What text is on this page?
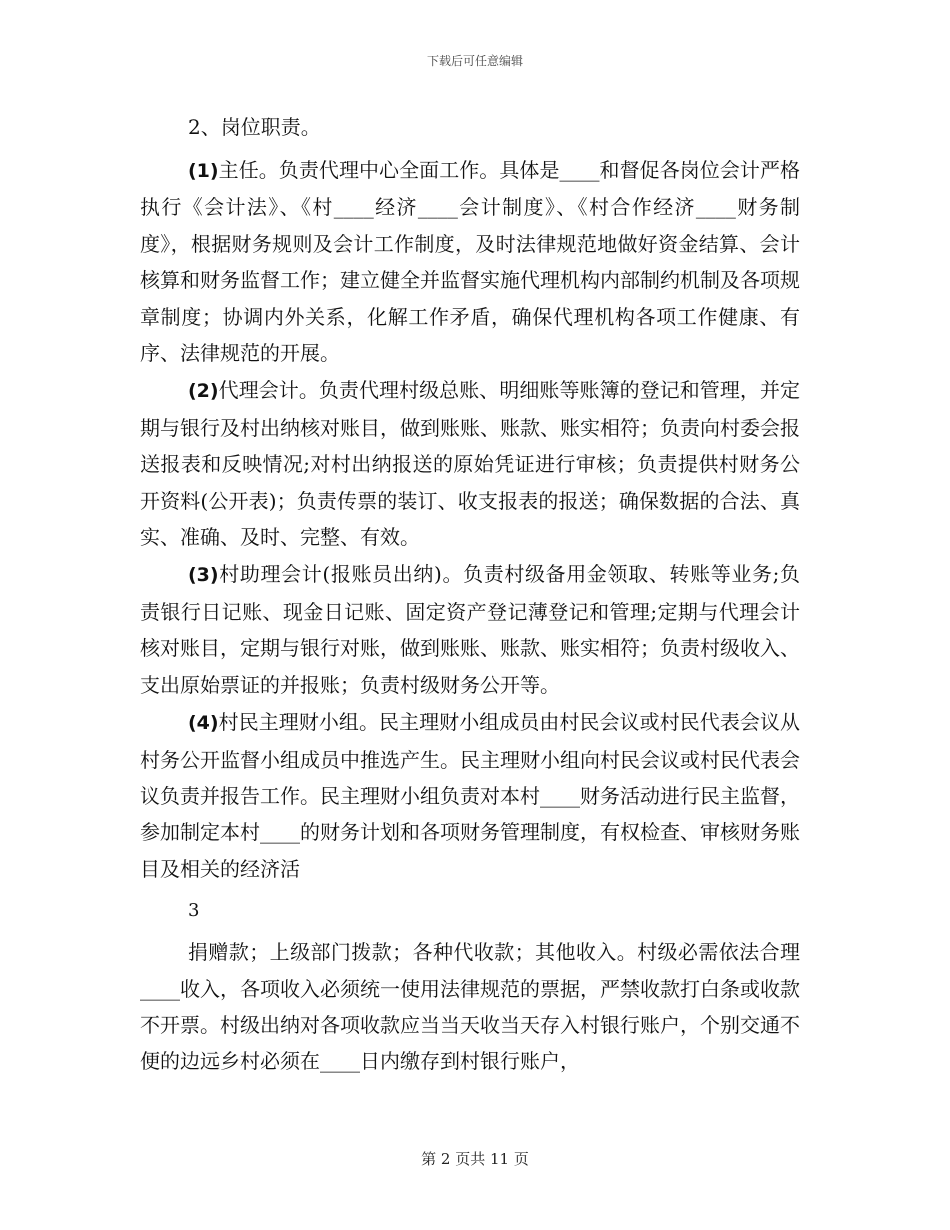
下载后可任意编辑
2、岗位职责。

(1)主任。负责代理中心全面工作。具体是____和督促各岗位会计严格执行《会计法》、《村____经济____会计制度》、《村合作经济____财务制度》，根据财务规则及会计工作制度，及时法律规范地做好资金结算、会计核算和财务监督工作；建立健全并监督实施代理机构内部制约机制及各项规章制度；协调内外关系，化解工作矛盾，确保代理机构各项工作健康、有序、法律规范的开展。

(2)代理会计。负责代理村级总账、明细账等账簿的登记和管理，并定期与银行及村出纳核对账目，做到账账、账款、账实相符；负责向村委会报送报表和反映情况;对村出纳报送的原始凭证进行审核；负责提供村财务公开资料(公开表)；负责传票的装订、收支报表的报送；确保数据的合法、真实、准确、及时、完整、有效。

(3)村助理会计(报账员出纳)。负责村级备用金领取、转账等业务;负责银行日记账、现金日记账、固定资产登记薄登记和管理;定期与代理会计核对账目，定期与银行对账，做到账账、账款、账实相符；负责村级收入、支出原始票证的并报账；负责村级财务公开等。

(4)村民主理财小组。民主理财小组成员由村民会议或村民代表会议从村务公开监督小组成员中推选产生。民主理财小组向村民会议或村民代表会议负责并报告工作。民主理财小组负责对本村____财务活动进行民主监督，参加制定本村____的财务计划和各项财务管理制度，有权检查、审核财务账目及相关的经济活

3

捐赠款；上级部门拨款；各种代收款；其他收入。村级必需依法合理____收入，各项收入必须统一使用法律规范的票据，严禁收款打白条或收款不开票。村级出纳对各项收款应当当天收当天存入村银行账户，个别交通不便的边远乡村必须在____日内缴存到村银行账户，

第 2 页共 11 页
